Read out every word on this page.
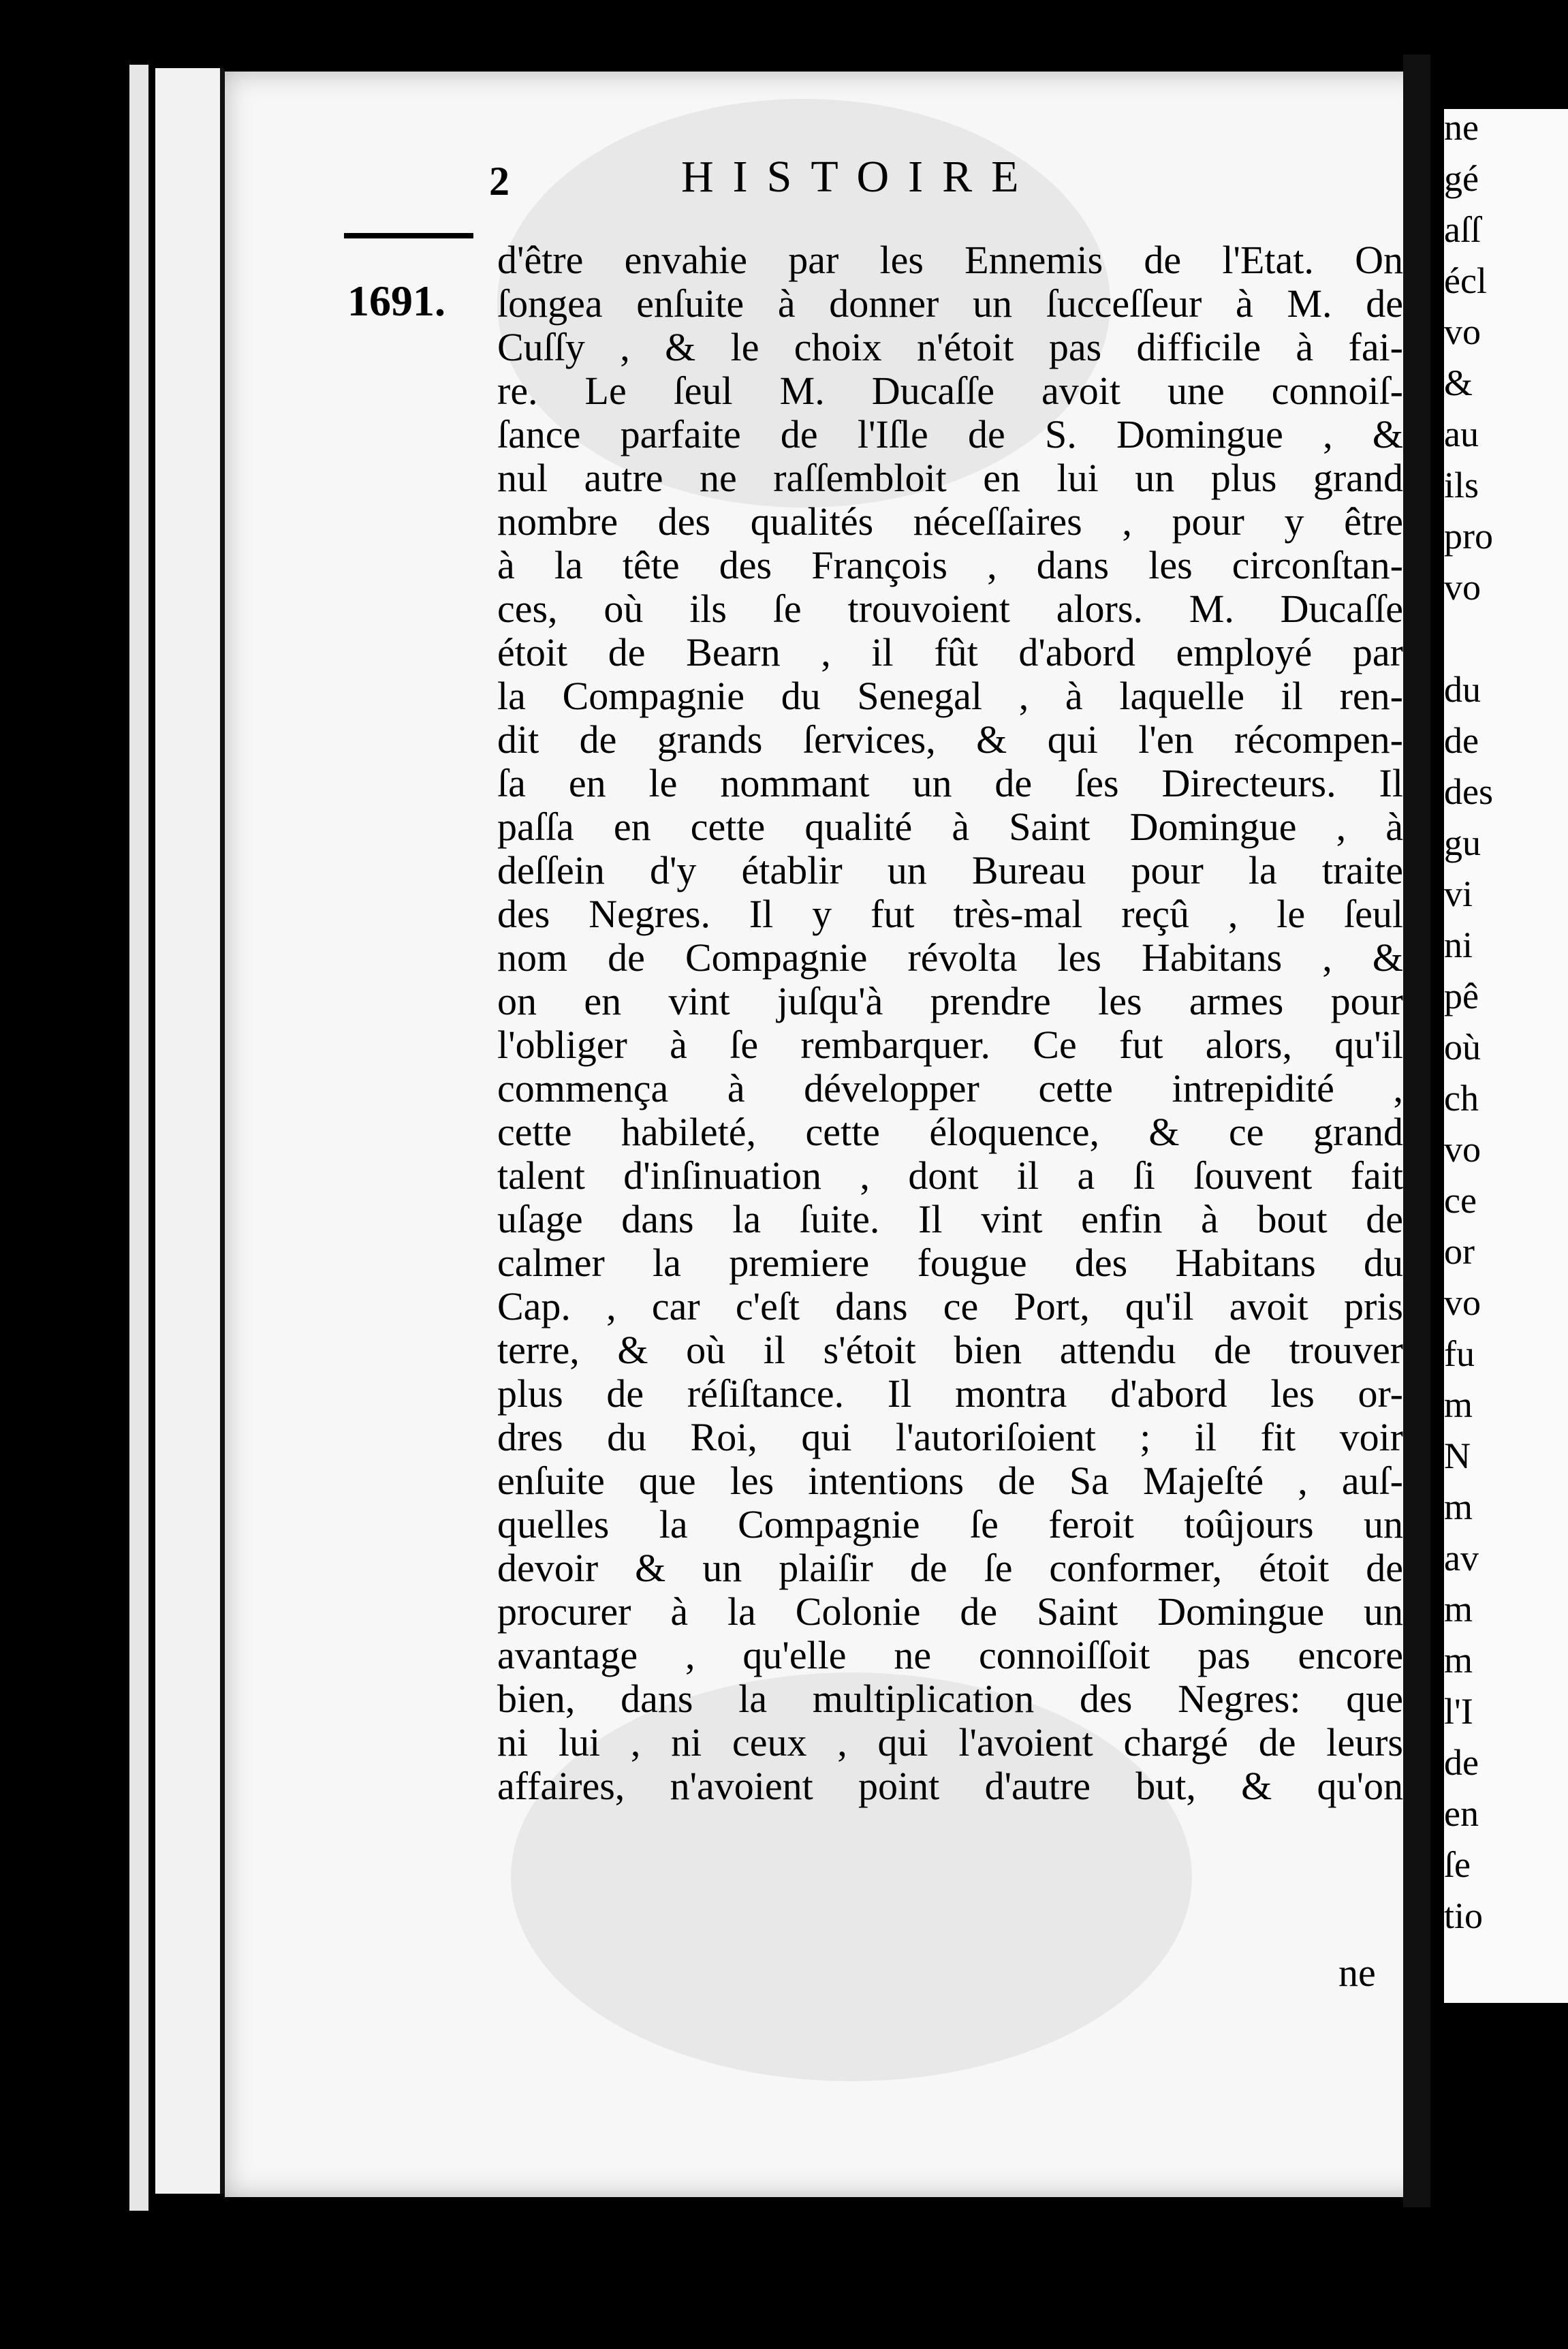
2	HISTOIRE
1691.
d'être envahie par les Ennemis de l'Etat. On
ſongea enſuite à donner un ſucceſſeur à M. de
Cuſſy , & le choix n'étoit pas difficile à fai-
re. Le ſeul M. Ducaſſe avoit une connoiſ-
ſance parfaite de l'Iſle de S. Domingue , &
nul autre ne raſſembloit en lui un plus grand
nombre des qualités néceſſaires , pour y être
à la tête des François , dans les circonſtan-
ces, où ils ſe trouvoient alors. M. Ducaſſe
étoit de Bearn , il fût d'abord employé par
la Compagnie du Senegal , à laquelle il ren-
dit de grands ſervices, & qui l'en récompen-
ſa en le nommant un de ſes Directeurs. Il
paſſa en cette qualité à Saint Domingue , à
deſſein d'y établir un Bureau pour la traite
des Negres. Il y fut très-mal reçû , le ſeul
nom de Compagnie révolta les Habitans , &
on en vint juſqu'à prendre les armes pour
l'obliger à ſe rembarquer. Ce fut alors, qu'il
commença à développer cette intrepidité ,
cette habileté, cette éloquence, & ce grand
talent d'inſinuation , dont il a ſi ſouvent fait
uſage dans la ſuite. Il vint enfin à bout de
calmer la premiere fougue des Habitans du
Cap. , car c'eſt dans ce Port, qu'il avoit pris
terre, & où il s'étoit bien attendu de trouver
plus de réſiſtance. Il montra d'abord les or-
dres du Roi, qui l'autoriſoient ; il fit voir
enſuite que les intentions de Sa Majeſté , auſ-
quelles la Compagnie ſe feroit toûjours un
devoir & un plaiſir de ſe conformer, étoit de
procurer à la Colonie de Saint Domingue un
avantage , qu'elle ne connoiſſoit pas encore
bien, dans la multiplication des Negres: que
ni lui , ni ceux , qui l'avoient chargé de leurs
affaires, n'avoient point d'autre but, & qu'on
ne
ne
gé
aſſ
écl
vo
&
au
ils
pro
vo
du
de
des
gu
vi
ni
pê
où
ch
vo
ce
or
vo
fu
m
N
m
av
m
m
l'I
de
en
ſe
tio
